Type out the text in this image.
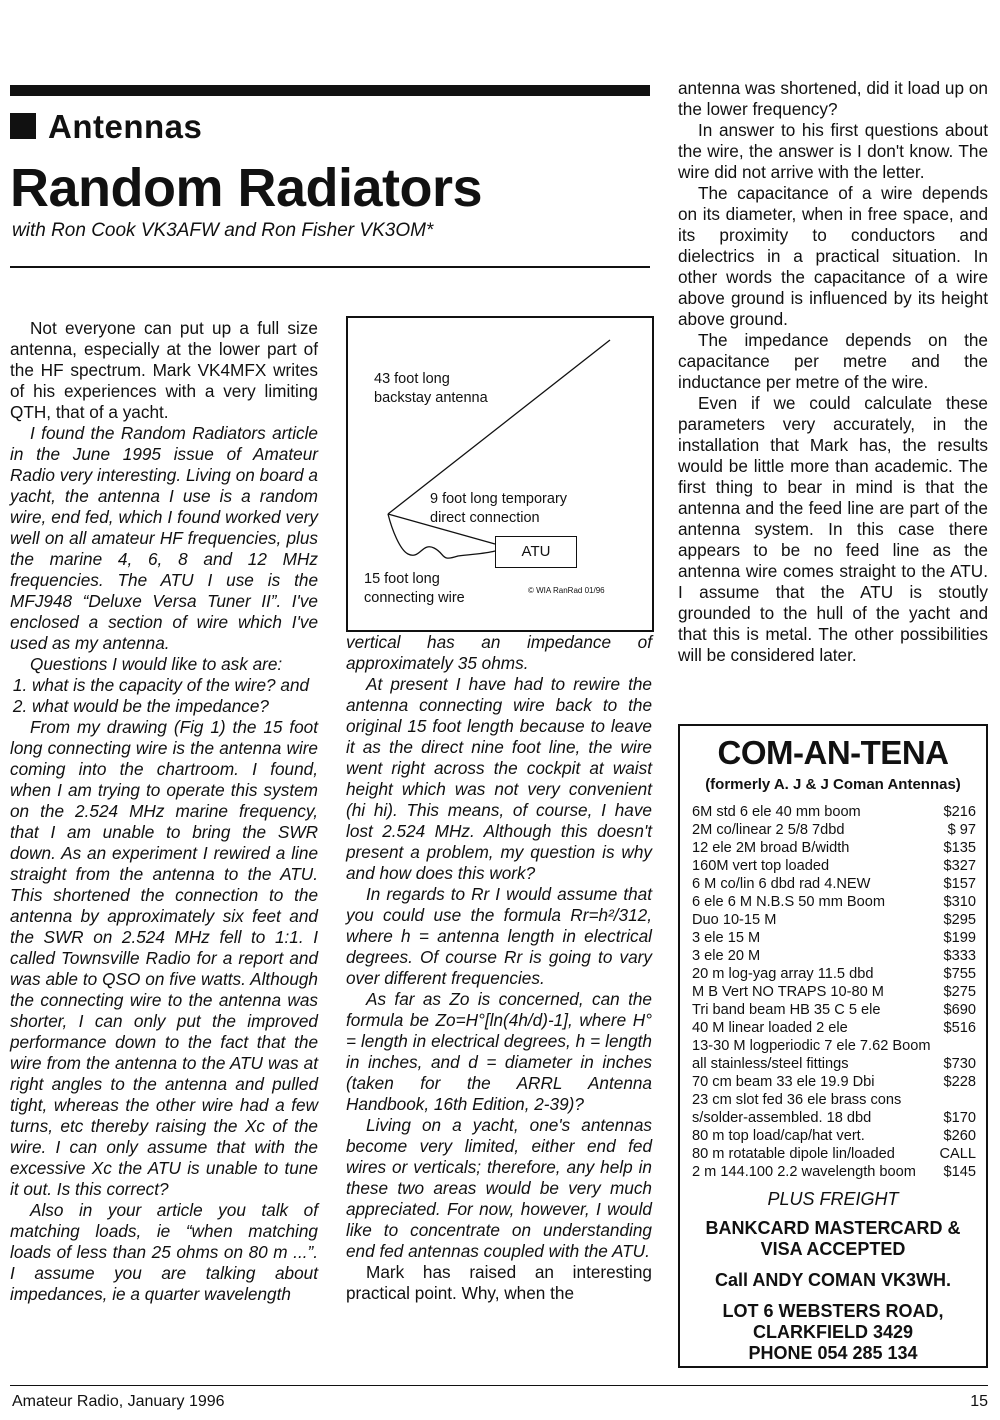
Antennas
Random Radiators
with Ron Cook VK3AFW and Ron Fisher VK3OM*

Not everyone can put up a full size antenna, especially at the lower part of the HF spectrum. Mark VK4MFX writes of his experiences with a very limiting QTH, that of a yacht.

I found the Random Radiators article in the June 1995 issue of Amateur Radio very interesting. Living on board a yacht, the antenna I use is a random wire, end fed, which I found worked very well on all amateur HF frequencies, plus the marine 4, 6, 8 and 12 MHz frequencies. The ATU I use is the MFJ948 “Deluxe Versa Tuner II”. I've enclosed a section of wire which I've used as my antenna.

Questions I would like to ask are:

1. what is the capacity of the wire? and
2. what would be the impedance?

From my drawing (Fig 1) the 15 foot long connecting wire is the antenna wire coming into the chartroom. I found, when I am trying to operate this system on the 2.524 MHz marine frequency, that I am unable to bring the SWR down. As an experiment I rewired a line straight from the antenna to the ATU. This shortened the connection to the antenna by approximately six feet and the SWR on 2.524 MHz fell to 1:1. I called Townsville Radio for a report and was able to QSO on five watts. Although the connecting wire to the antenna was shorter, I can only put the improved performance down to the fact that the wire from the antenna to the ATU was at right angles to the antenna and pulled tight, whereas the other wire had a few turns, etc thereby raising the Xc of the wire. I can only assume that with the excessive Xc the ATU is unable to tune it out. Is this correct?

Also in your article you talk of matching loads, ie “when matching loads of less than 25 ohms on 80 m ...”. I assume you are talking about impedances, ie a quarter wavelength

43 foot long
backstay antenna
9 foot long temporary
direct connection
ATU
15 foot long
connecting wire	© WIA RanRad 01/96

vertical has an impedance of approximately 35 ohms.

At present I have had to rewire the antenna connecting wire back to the original 15 foot length because to leave it as the direct nine foot line, the wire went right across the cockpit at waist height which was not very convenient (hi hi). This means, of course, I have lost 2.524 MHz. Although this doesn't present a problem, my question is why and how does this work?

In regards to Rr I would assume that you could use the formula Rr=h²/312, where h = antenna length in electrical degrees. Of course Rr is going to vary over different frequencies.

As far as Zo is concerned, can the formula be Zo=H°[ln(4h/d)-1], where H° = length in electrical degrees, h = length in inches, and d = diameter in inches (taken for the ARRL Antenna Handbook, 16th Edition, 2-39)?

Living on a yacht, one's antennas become very limited, either end fed wires or verticals; therefore, any help in these two areas would be very much appreciated. For now, however, I would like to concentrate on understanding end fed antennas coupled with the ATU.

Mark has raised an interesting practical point. Why, when the

antenna was shortened, did it load up on the lower frequency?

In answer to his first questions about the wire, the answer is I don't know. The wire did not arrive with the letter.

The capacitance of a wire depends on its diameter, when in free space, and its proximity to conductors and dielectrics in a practical situation. In other words the capacitance of a wire above ground is influenced by its height above ground.

The impedance depends on the capacitance per metre and the inductance per metre of the wire.

Even if we could calculate these parameters very accurately, in the installation that Mark has, the results would be little more than academic. The first thing to bear in mind is that the antenna and the feed line are part of the antenna system. In this case there appears to be no feed line as the antenna wire comes straight to the ATU. I assume that the ATU is stoutly grounded to the hull of the yacht and that this is metal. The other possibilities will be considered later.

COM-AN-TENA
(formerly A. J & J Coman Antennas)
6M std 6 ele 40 mm boom	$216
2M co/linear 2 5/8 7dbd	$ 97
12 ele 2M broad B/width	$135
160M vert top loaded	$327
6 M co/lin 6 dbd rad 4.NEW	$157
6 ele 6 M N.B.S 50 mm Boom	$310
Duo 10-15 M	$295
3 ele 15 M	$199
3 ele 20 M	$333
20 m log-yag array 11.5 dbd	$755
M B Vert NO TRAPS 10-80 M	$275
Tri band beam HB 35 C 5 ele	$690
40 M linear loaded 2 ele	$516
13-30 M logperiodic 7 ele 7.62 Boom
all stainless/steel fittings	$730
70 cm beam 33 ele 19.9 Dbi	$228
23 cm slot fed 36 ele brass cons
s/solder-assembled. 18 dbd	$170
80 m top load/cap/hat vert.	$260
80 m rotatable dipole lin/loaded	CALL
2 m 144.100 2.2 wavelength boom $145
PLUS FREIGHT
BANKCARD MASTERCARD &
VISA ACCEPTED
Call ANDY COMAN VK3WH.
LOT 6 WEBSTERS ROAD,
CLARKFIELD 3429
PHONE 054 285 134
Amateur Radio, January 1996	15
